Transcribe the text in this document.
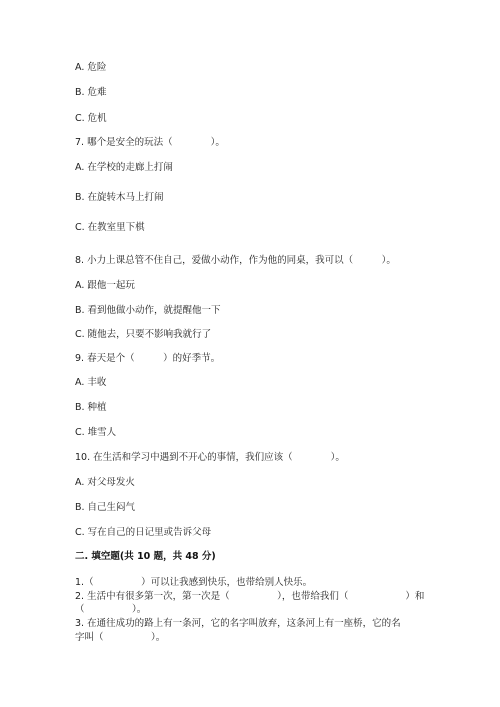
A. 危险
B. 危难
C. 危机
7. 哪个是安全的玩法（　　　　）。
A. 在学校的走廊上打闹
B. 在旋转木马上打闹
C. 在教室里下棋
8. 小力上课总管不住自己，爱做小动作，作为他的同桌，我可以（　　　）。
A. 跟他一起玩
B. 看到他做小动作，就提醒他一下
C. 随他去，只要不影响我就行了
9. 春天是个（　　　）的好季节。
A. 丰收
B. 种植
C. 堆雪人
10. 在生活和学习中遇到不开心的事情，我们应该（　　　　）。
A. 对父母发火
B. 自己生闷气
C. 写在自己的日记里或告诉父母
二. 填空题(共 10 题，共 48 分)
1.（　　　　　）可以让我感到快乐，也带给别人快乐。
2. 生活中有很多第一次，第一次是（　　　　　），也带给我们（　　　　　　）和
（　　　　　）。
3. 在通往成功的路上有一条河，它的名字叫放弃，这条河上有一座桥，它的名
字叫（　　　　　）。
